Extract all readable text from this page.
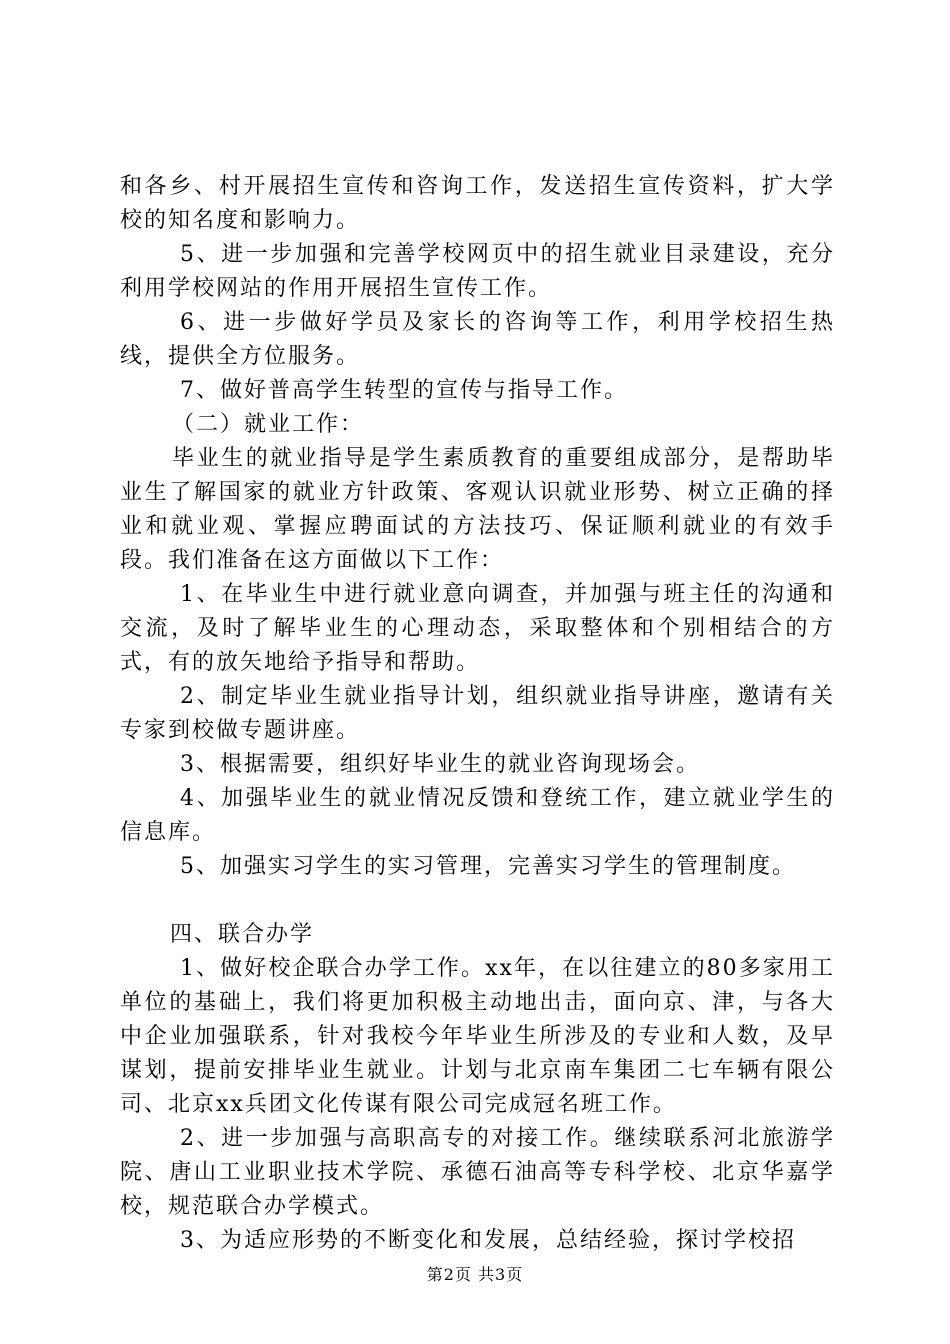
和各乡、村开展招生宣传和咨询工作，发送招生宣传资料，扩大学校的知名度和影响力。

5、进一步加强和完善学校网页中的招生就业目录建设，充分利用学校网站的作用开展招生宣传工作。

6、进一步做好学员及家长的咨询等工作，利用学校招生热线，提供全方位服务。

7、做好普高学生转型的宣传与指导工作。

（二）就业工作：

毕业生的就业指导是学生素质教育的重要组成部分，是帮助毕业生了解国家的就业方针政策、客观认识就业形势、树立正确的择业和就业观、掌握应聘面试的方法技巧、保证顺利就业的有效手段。我们准备在这方面做以下工作：

1、在毕业生中进行就业意向调查，并加强与班主任的沟通和交流，及时了解毕业生的心理动态，采取整体和个别相结合的方式，有的放矢地给予指导和帮助。

2、制定毕业生就业指导计划，组织就业指导讲座，邀请有关专家到校做专题讲座。

3、根据需要，组织好毕业生的就业咨询现场会。

4、加强毕业生的就业情况反馈和登统工作，建立就业学生的信息库。

5、加强实习学生的实习管理，完善实习学生的管理制度。

四、联合办学

1、做好校企联合办学工作。xx年，在以往建立的80多家用工单位的基础上，我们将更加积极主动地出击，面向京、津，与各大中企业加强联系，针对我校今年毕业生所涉及的专业和人数，及早谋划，提前安排毕业生就业。计划与北京南车集团二七车辆有限公司、北京xx兵团文化传谋有限公司完成冠名班工作。

2、进一步加强与高职高专的对接工作。继续联系河北旅游学院、唐山工业职业技术学院、承德石油高等专科学校、北京华嘉学校，规范联合办学模式。

3、为适应形势的不断变化和发展，总结经验，探讨学校招

第2页 共3页
